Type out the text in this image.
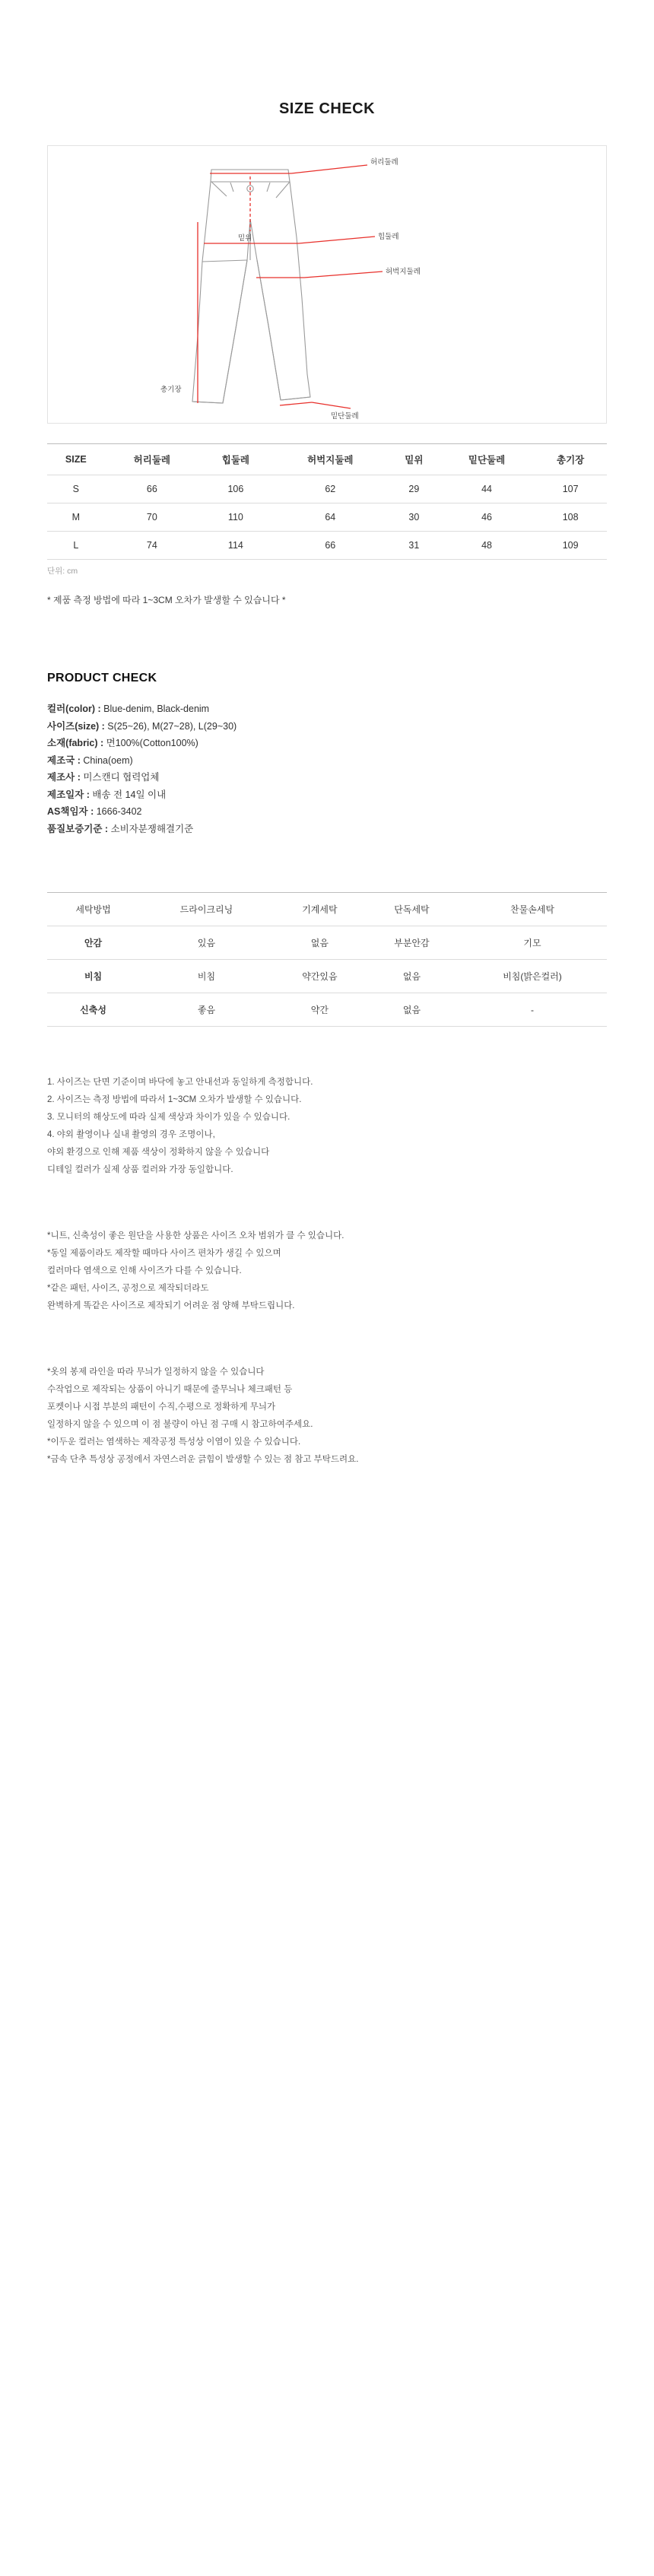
SIZE CHECK
허리둘레
밑위	힙둘레
허벅지둘레
총기장
밑단둘레
SIZE	허리둘레	힙둘레	허벅지둘레	밑위	밑단둘레	총기장
S	66	106	62	29	44	107
M	70	110	64	30	46	108
L	74	114	66	31	48	109
단위: cm
* 제품 측정 방법에 따라 1~3CM 오차가 발생할 수 있습니다 *
PRODUCT CHECK
컬러(color) : Blue-denim, Black-denim
사이즈(size) : S(25~26), M(27~28), L(29~30)
소재(fabric) : 면100%(Cotton100%)
제조국 : China(oem)
제조사 : 미스캔디 협력업체
제조일자 : 배송 전 14일 이내
AS책임자 : 1666-3402
품질보증기준 : 소비자분쟁해결기준
세탁방법	드라이크리닝	기계세탁	단독세탁	찬물손세탁
안감	있음	없음	부분안감	기모
비침	비침	약간있음	없음	비침(밝은컬러)
신축성	좋음	약간	없음	-

1. 사이즈는 단면 기준이며 바닥에 놓고 안내선과 동일하게 측정합니다.

2. 사이즈는 측정 방법에 따라서 1~3CM 오차가 발생할 수 있습니다.

3. 모니터의 해상도에 따라 실제 색상과 차이가 있을 수 있습니다.

4. 야외 촬영이나 실내 촬영의 경우 조명이나,

야외 환경으로 인해 제품 색상이 정확하지 않을 수 있습니다

디테일 컬러가 실제 상품 컬러와 가장 동일합니다.

*니트, 신축성이 좋은 원단을 사용한 상품은 사이즈 오차 범위가 클 수 있습니다.

*동일 제품이라도 제작할 때마다 사이즈 편차가 생길 수 있으며

컬러마다 염색으로 인해 사이즈가 다를 수 있습니다.

*같은 패턴, 사이즈, 공정으로 제작되더라도

완벽하게 똑같은 사이즈로 제작되기 어려운 점 양해 부탁드립니다.

*옷의 봉제 라인을 따라 무늬가 일정하지 않을 수 있습니다

수작업으로 제작되는 상품이 아니기 때문에 줄무늬나 체크패턴 등

포켓이나 시접 부분의 패턴이 수직,수평으로 정확하게 무늬가

일정하지 않을 수 있으며 이 점 불량이 아닌 점 구매 시 참고하여주세요.

*이두운 컬러는 염색하는 제작공정 특성상 이염이 있을 수 있습니다.

*금속 단추 특성상 공정에서 자연스러운 긁힘이 발생할 수 있는 점 참고 부탁드려요.
